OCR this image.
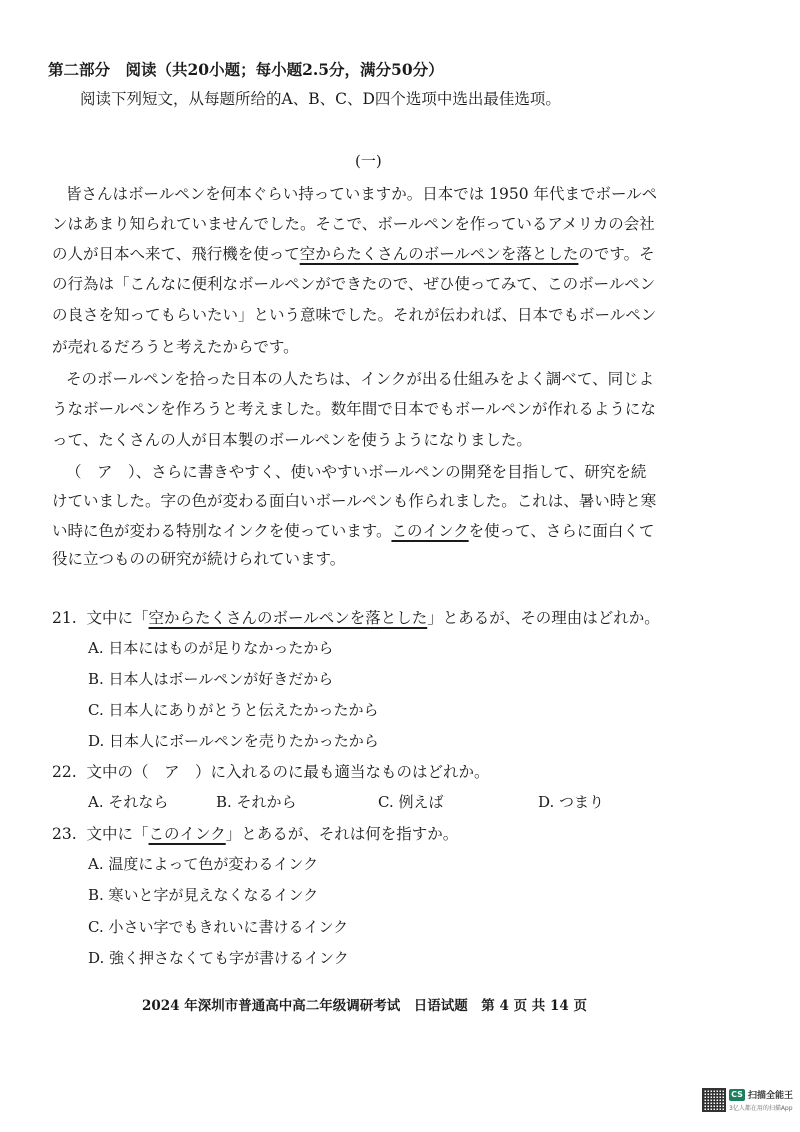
第二部分　阅读（共20小题；每小题2.5分，满分50分）
阅读下列短文，从每题所给的A、B、C、D四个选项中选出最佳选项。
(一)
皆さんはボールペンを何本ぐらい持っていますか。日本では 1950 年代までボールペ
ンはあまり知られていませんでした。そこで、ボールペンを作っているアメリカの会社
の人が日本へ来て、飛行機を使って空からたくさんのボールペンを落としたのです。そ
の行為は「こんなに便利なボールペンができたので、ぜひ使ってみて、このボールペン
の良さを知ってもらいたい」という意味でした。それが伝われば、日本でもボールペン
が売れるだろうと考えたからです。
そのボールペンを拾った日本の人たちは、インクが出る仕組みをよく調べて、同じよ
うなボールペンを作ろうと考えました。数年間で日本でもボールペンが作れるようにな
って、たくさんの人が日本製のボールペンを使うようになりました。
（　ア　）、さらに書きやすく、使いやすいボールペンの開発を目指して、研究を続
けていました。字の色が変わる面白いボールペンも作られました。これは、暑い時と寒
い時に色が変わる特別なインクを使っています。このインクを使って、さらに面白くて
役に立つものの研究が続けられています。
21. 文中に「空からたくさんのボールペンを落とした」とあるが、その理由はどれか。
A. 日本にはものが足りなかったから
B. 日本人はボールペンが好きだから
C. 日本人にありがとうと伝えたかったから
D. 日本人にボールペンを売りたかったから
22. 文中の（　ア　）に入れるのに最も適当なものはどれか。
A. それなら	B. それから	C. 例えば	D. つまり
23. 文中に「このインク」とあるが、それは何を指すか。
A. 温度によって色が変わるインク
B. 寒いと字が見えなくなるインク
C. 小さい字でもきれいに書けるインク
D. 強く押さなくても字が書けるインク
2024 年深圳市普通高中高二年级调研考试　日语试题　第 4 页 共 14 页
CS 扫描全能王
3亿人都在用的扫描App
